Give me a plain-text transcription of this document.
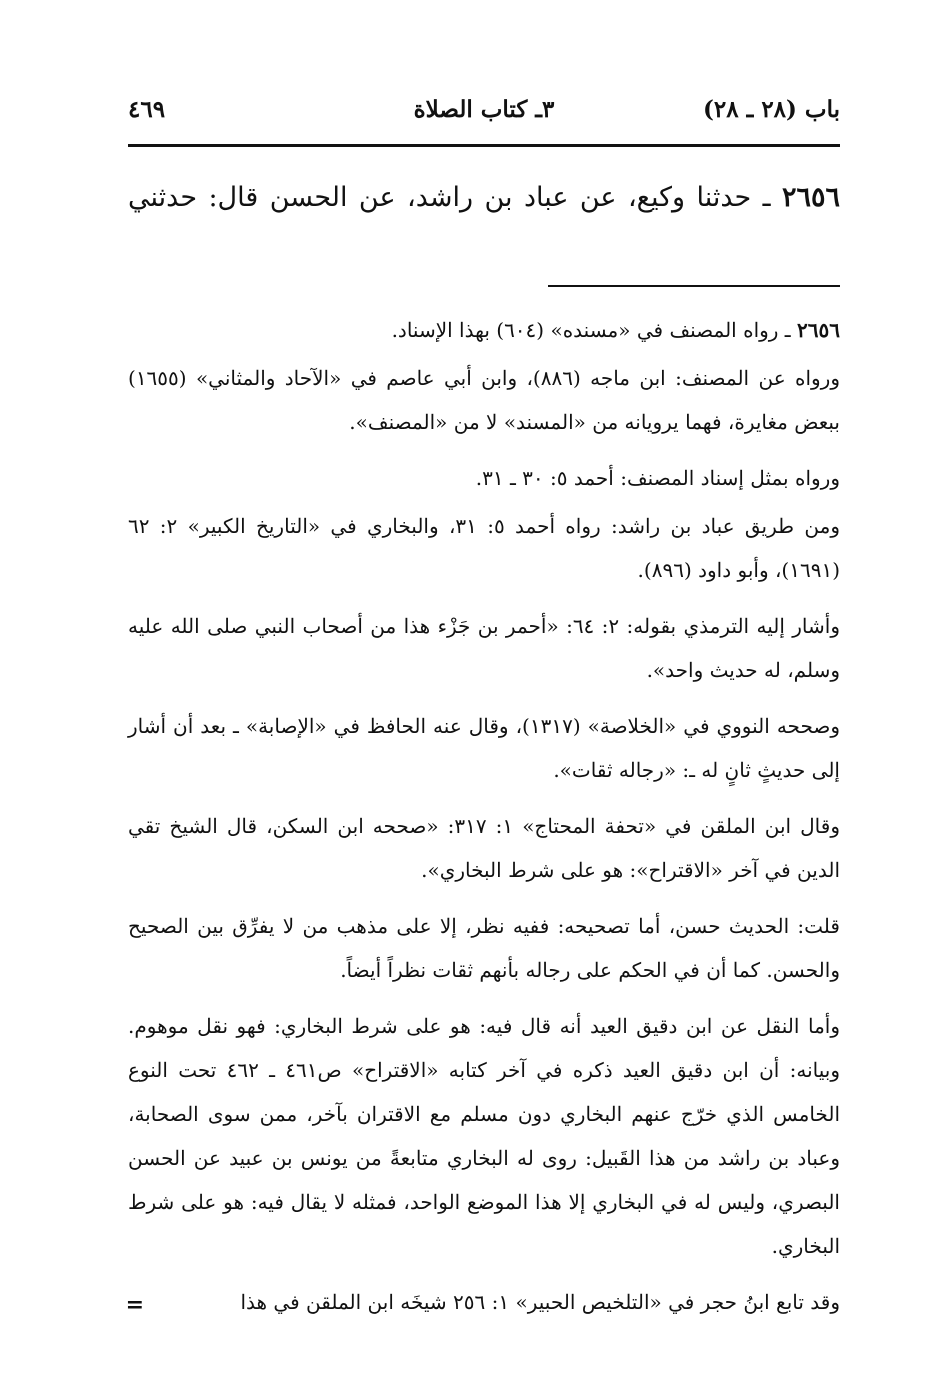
باب (٢٨ ـ ٢٨)
٣ـ كتاب الصلاة
٤٦٩
٢٦٥٦ ـ حدثنا وكيع، عن عباد بن راشد، عن الحسن قال: حدثني

٢٦٥٦ ـ رواه المصنف في «مسنده» (٦٠٤) بهذا الإسناد.

ورواه عن المصنف: ابن ماجه (٨٨٦)، وابن أبي عاصم في «الآحاد والمثاني» (١٦٥٥) ببعض مغايرة، فهما يرويانه من «المسند» لا من «المصنف».

ورواه بمثل إسناد المصنف: أحمد ٥: ٣٠ ـ ٣١.

ومن طريق عباد بن راشد: رواه أحمد ٥: ٣١، والبخاري في «التاريخ الكبير» ٢: ٦٢ (١٦٩١)، وأبو داود (٨٩٦).

وأشار إليه الترمذي بقوله: ٢: ٦٤: «أحمر بن جَزْء هذا من أصحاب النبي صلى الله عليه وسلم، له حديث واحد».

وصححه النووي في «الخلاصة» (١٣١٧)، وقال عنه الحافظ في «الإصابة» ـ بعد أن أشار إلى حديثٍ ثانٍ له ـ: «رجاله ثقات».

وقال ابن الملقن في «تحفة المحتاج» ١: ٣١٧: «صححه ابن السكن، قال الشيخ تقي الدين في آخر «الاقتراح»: هو على شرط البخاري».

قلت: الحديث حسن، أما تصحيحه: ففيه نظر، إلا على مذهب من لا يفرِّق بين الصحيح والحسن. كما أن في الحكم على رجاله بأنهم ثقات نظراً أيضاً.

وأما النقل عن ابن دقيق العيد أنه قال فيه: هو على شرط البخاري: فهو نقل موهوم. وبيانه: أن ابن دقيق العيد ذكره في آخر كتابه «الاقتراح» ص٤٦١ ـ ٤٦٢ تحت النوع الخامس الذي خرّج عنهم البخاري دون مسلم مع الاقتران بآخر، ممن سوى الصحابة، وعباد بن راشد من هذا القَبيل: روى له البخاري متابعةً من يونس بن عبيد عن الحسن البصري، وليس له في البخاري إلا هذا الموضع الواحد، فمثله لا يقال فيه: هو على شرط البخاري.

وقد تابع ابنُ حجر في «التلخيص الحبير» ١: ٢٥٦ شيخَه ابن الملقن في هذا

=
